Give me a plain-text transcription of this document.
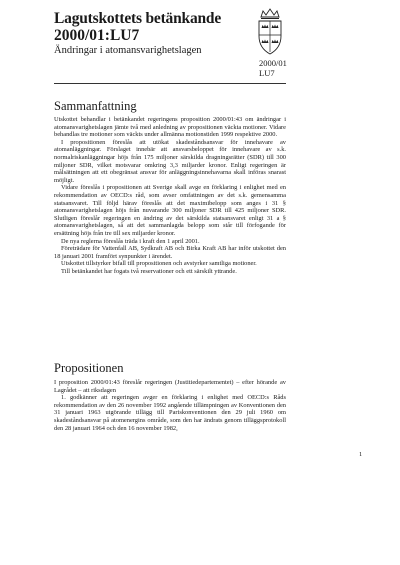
Lagutskottets betänkande
2000/01:LU7
Ändringar i atomansvarighetslagen
2000/01
LU7
Sammanfattning

Utskottet behandlar i betänkandet regeringens proposition 2000/01:43 om ändringar i atomansvarighetslagen jämte två med anledning av propositionen väckta motioner. Vidare behandlas tre motioner som väckts under allmänna motionstiden 1999 respektive 2000.

I propositionen föreslås att utökat skadeståndsansvar för innehavare av atomanläggningar. Förslaget innebär att ansvarsbeloppet för innehavare av s.k. normalriskanläggningar höjs från 175 miljoner särskilda dragningsrätter (SDR) till 300 miljoner SDR, vilket motsvarar omkring 3,3 miljarder kronor. Enligt regeringen är målsättningen att ett obegränsat ansvar för anläggningsinnehavarna skall införas snarast möjligt.

Vidare föreslås i propositionen att Sverige skall avge en förklaring i enlighet med en rekommendation av OECD:s råd, som avser omfattningen av det s.k. gemensamma statsansvaret. Till följd härav föreslås att det maximibelopp som anges i 31 § atomansvarighetslagen höjs från nuvarande 300 miljoner SDR till 425 miljoner SDR. Slutligen föreslår regeringen en ändring av det särskilda statsansvaret enligt 31 a § atomansvarighetslagen, så att det sammanlagda belopp som står till förfogande för ersättning höjs från tre till sex miljarder kronor.

De nya reglerna föreslås träda i kraft den 1 april 2001.

Företrädare för Vattenfall AB, Sydkraft AB och Birka Kraft AB har inför utskottet den 18 januari 2001 framfört synpunkter i ärendet.

Utskottet tillstyrker bifall till propositionen och avstyrker samtliga motioner.

Till betänkandet har fogats två reservationer och ett särskilt yttrande.

Propositionen

I proposition 2000/01:43 föreslår regeringen (Justitiedepartementet) – efter hörande av Lagrådet – att riksdagen

1. godkänner att regeringen avger en förklaring i enlighet med OECD:s Råds rekommendation av den 26 november 1992 angående tillämpningen av Konventionen den 31 januari 1963 utgörande tillägg till Pariskonventionen den 29 juli 1960 om skadeståndsansvar på atomenergins område, som den har ändrats genom tilläggsprotokoll den 28 januari 1964 och den 16 november 1982,

1
